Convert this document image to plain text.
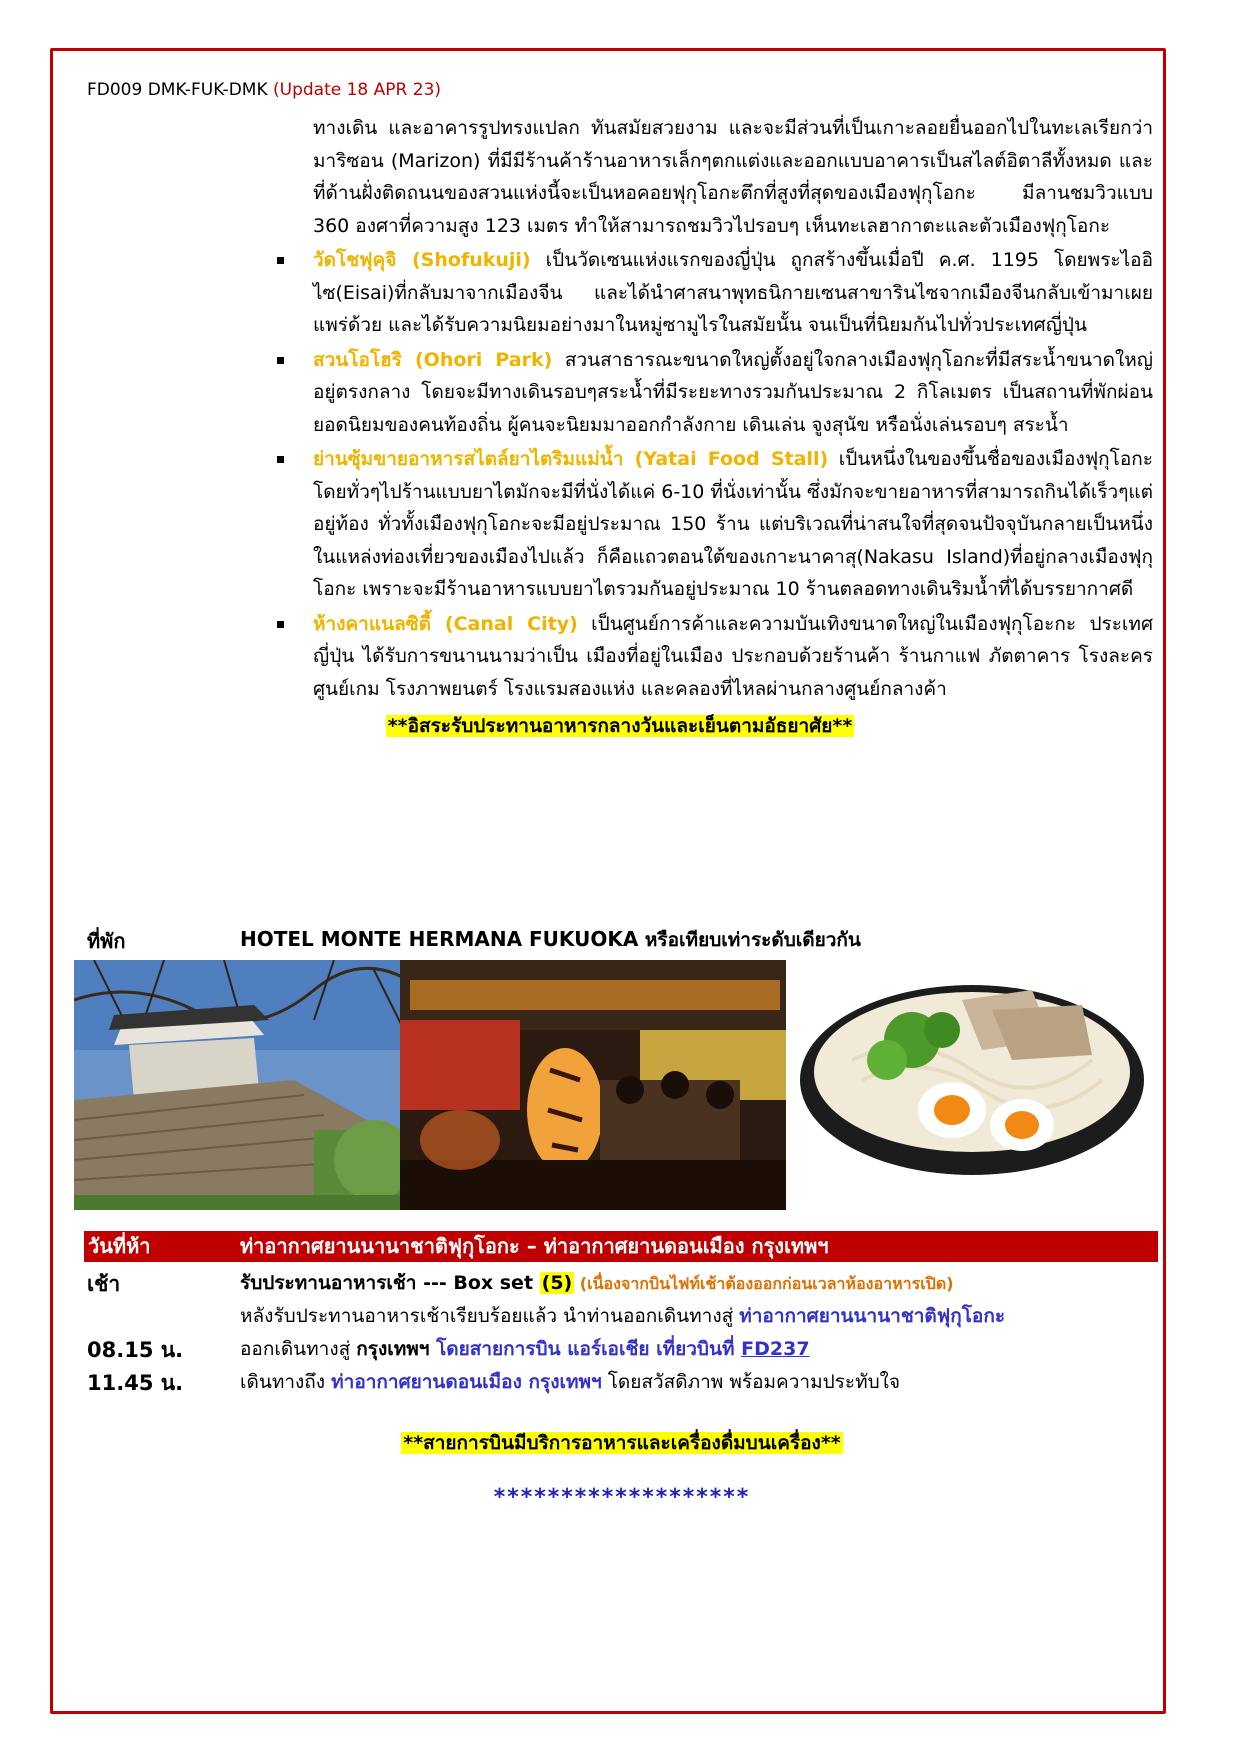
FD009 DMK-FUK-DMK (Update 18 APR 23)
ทางเดิน และอาคารรูปทรงแปลก ทันสมัยสวยงาม และจะมีส่วนที่เป็นเกาะลอยยื่นออกไปในทะเลเรียกว่า มาริซอน (Marizon) ที่มีมีร้านค้าร้านอาหารเล็กๆตกแต่งและออกแบบอาคารเป็นสไลต์อิตาลีทั้งหมด และที่ด้านฝั่งติดถนนของสวนแห่งนี้จะเป็นหอคอยฟุกุโอกะตึกที่สูงที่สุดของเมืองฟุกุโอกะ มีลานชมวิวแบบ 360 องศาที่ความสูง 123 เมตร ทำให้สามารถชมวิวไปรอบๆ เห็นทะเลฮากาตะและตัวเมืองฟุกุโอกะ
วัดโชฟุคุจิ (Shofukuji) เป็นวัดเซนแห่งแรกของญี่ปุ่น ถูกสร้างขึ้นเมื่อปี ค.ศ. 1195 โดยพระไออิไซ(Eisai)ที่กลับมาจากเมืองจีน และได้นำศาสนาพุทธนิกายเซนสาขารินไซจากเมืองจีนกลับเข้ามาเผยแพร่ด้วย และได้รับความนิยมอย่างมาในหมู่ซามูไรในสมัยนั้น จนเป็นที่นิยมกันไปทั่วประเทศญี่ปุ่น
สวนโอโฮริ (Ohori Park) สวนสาธารณะขนาดใหญ่ตั้งอยู่ใจกลางเมืองฟุกุโอกะที่มีสระน้ำขนาดใหญ่อยู่ตรงกลาง โดยจะมีทางเดินรอบๆสระน้ำที่มีระยะทางรวมกันประมาณ 2 กิโลเมตร เป็นสถานที่พักผ่อนยอดนิยมของคนท้องถิ่น ผู้คนจะนิยมมาออกกำลังกาย เดินเล่น จูงสุนัข หรือนั่งเล่นรอบๆ สระน้ำ
ย่านซุ้มขายอาหารสไตล์ยาไตริมแม่น้ำ (Yatai Food Stall) เป็นหนึ่งในของขึ้นชื่อของเมืองฟุกุโอกะ โดยทั่วๆไปร้านแบบยาไตมักจะมีที่นั่งได้แค่ 6-10 ที่นั่งเท่านั้น ซึ่งมักจะขายอาหารที่สามารถกินได้เร็วๆแต่อยู่ท้อง ทั่วทั้งเมืองฟุกุโอกะจะมีอยู่ประมาณ 150 ร้าน แต่บริเวณที่น่าสนใจที่สุดจนปัจจุบันกลายเป็นหนึ่งในแหล่งท่องเที่ยวของเมืองไปแล้ว ก็คือแถวตอนใต้ของเกาะนาคาสุ(Nakasu Island)ที่อยู่กลางเมืองฟุกุโอกะ เพราะจะมีร้านอาหารแบบยาไตรวมกันอยู่ประมาณ 10 ร้านตลอดทางเดินริมน้ำที่ได้บรรยากาศดี
ห้างคาแนลซิตี้ (Canal City) เป็นศูนย์การค้าและความบันเทิงขนาดใหญ่ในเมืองฟุกุโอะกะ ประเทศญี่ปุ่น ได้รับการขนานนามว่าเป็น เมืองที่อยู่ในเมือง ประกอบด้วยร้านค้า ร้านกาแฟ ภัตตาคาร โรงละคร ศูนย์เกม โรงภาพยนตร์ โรงแรมสองแห่ง และคลองที่ไหลผ่านกลางศูนย์กลางค้า
**อิสระรับประทานอาหารกลางวันและเย็นตามอัธยาศัย**
ที่พัก	HOTEL MONTE HERMANA FUKUOKA หรือเทียบเท่าระดับเดียวกัน
วันที่ห้า	ท่าอากาศยานนานาชาติฟุกุโอกะ – ท่าอากาศยานดอนเมือง กรุงเทพฯ
เช้า	รับประทานอาหารเช้า --- Box set (5) (เนื่องจากบินไฟท์เช้าต้องออกก่อนเวลาห้องอาหารเปิด)
หลังรับประทานอาหารเช้าเรียบร้อยแล้ว นำท่านออกเดินทางสู่ ท่าอากาศยานนานาชาติฟุกุโอกะ
08.15 น.	ออกเดินทางสู่ กรุงเทพฯ โดยสายการบิน แอร์เอเชีย เที่ยวบินที่ FD237
11.45 น.	เดินทางถึง ท่าอากาศยานดอนเมือง กรุงเทพฯ โดยสวัสดิภาพ พร้อมความประทับใจ
**สายการบินมีบริการอาหารและเครื่องดื่มบนเครื่อง**
*******************
